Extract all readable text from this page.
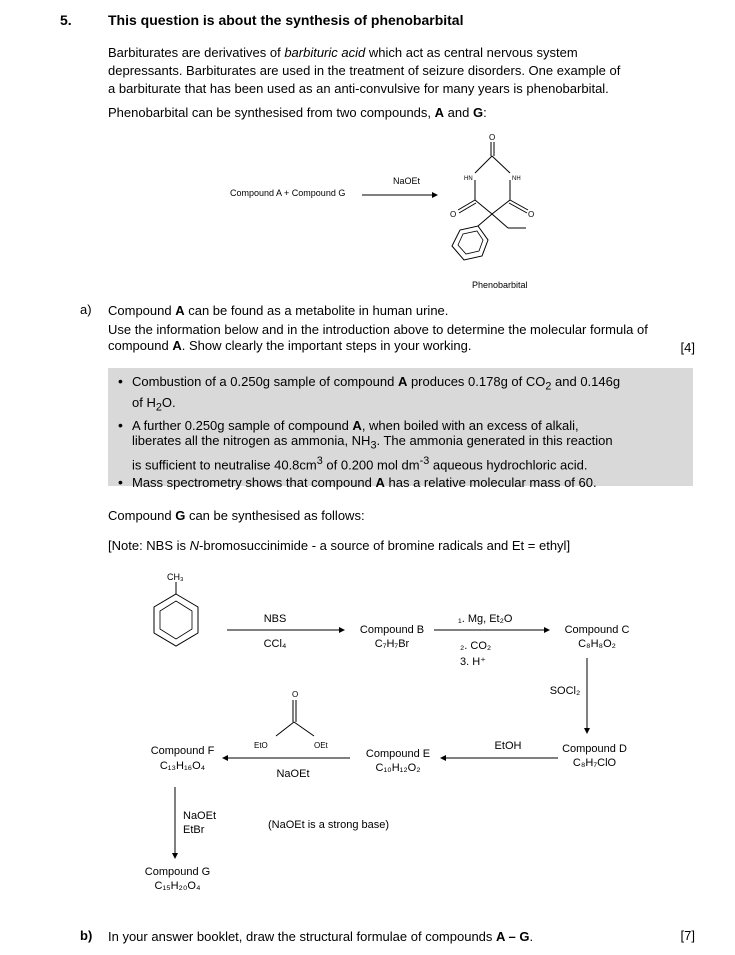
5.	This question is about the synthesis of phenobarbital
Barbiturates are derivatives of barbituric acid which act as central nervous system
depressants. Barbiturates are used in the treatment of seizure disorders. One example of
a barbiturate that has been used as an anti-convulsive for many years is phenobarbital.
Phenobarbital can be synthesised from two compounds, A and G:
Compound A + Compound G
NaOEt
O
O	O
HN	NH
Phenobarbital
a) Compound A can be found as a metabolite in human urine.
Use the information below and in the introduction above to determine the molecular formula of
compound A. Show clearly the important steps in your working.	[4]
• Combustion of a 0.250g sample of compound A produces 0.178g of $CO_2$ and 0.146g
of $H_2O$.
• A further 0.250g sample of compound A, when boiled with an excess of alkali,
liberates all the nitrogen as ammonia, $NH_3$. The ammonia generated in this reaction
is sufficient to neutralise $40.8cm^3$ of 0.200 mol $dm^{-3}$ aqueous hydrochloric acid.
• Mass spectrometry shows that compound A has a relative molecular mass of 60.
Compound G can be synthesised as follows:
[Note: NBS is N-bromosuccinimide - a source of bromine radicals and Et = ethyl]
CH₃
NBS
CCl₄
Compound B
C₇H₇Br
₁. Mg, Et₂O
₂. CO₂
3. H⁺
Compound C
C₈H₈O₂
SOCl₂
Compound D
C₈H₇ClO
EtOH
Compound E
C₁₀H₁₂O₂
O
EtO	OEt
NaOEt
Compound F
C₁₃H₁₆O₄
NaOEt
EtBr	(NaOEt is a strong base)
Compound G
C₁₅H₂₀O₄
b) In your answer booklet, draw the structural formulae of compounds A – G.	[7]
